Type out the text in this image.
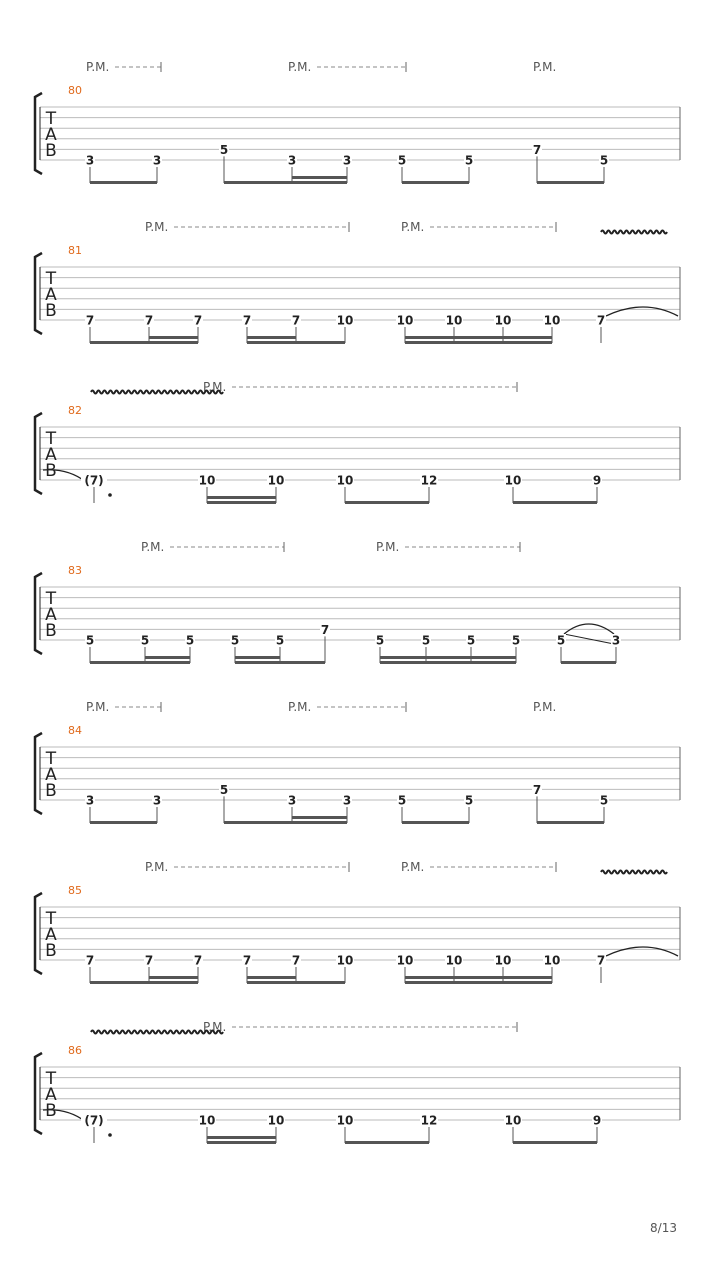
80
T
A
B
P.M.	P.M.	P.M.
3	3
5
3	3	5	5
7
5
81
T
A
B
P.M.	P.M.
7	7	7	7	7	10	10	10	10	10	7
82
T
A
B
P.M.
(7)	10	10	10	12	10	9
83
T
A
B
P.M.	P.M.
5	5	5	5	5
7
5	5	5	5	5	3
84
T
A
B
P.M.	P.M.	P.M.
3	3
5
3	3	5	5
7
5
85
T
A
B
P.M.	P.M.
7	7	7	7	7	10	10	10	10	10	7
86
T
A
B
P.M.
(7)	10	10	10	12	10	9
8/13
